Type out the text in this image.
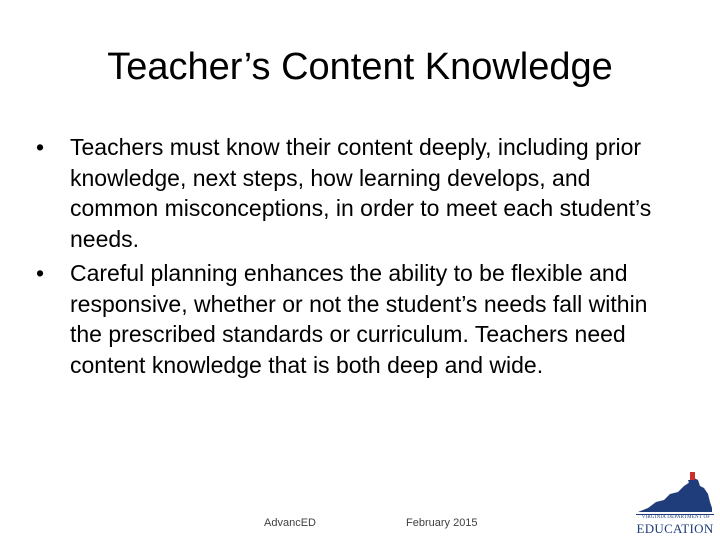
Teacher’s Content Knowledge
•	Teachers must know their content deeply, including prior knowledge, next steps, how learning develops, and common misconceptions, in order to meet each student’s needs.
•	Careful planning enhances the ability to be flexible and responsive, whether or not the student’s needs fall within the prescribed standards or curriculum. Teachers need content knowledge that is both deep and wide.
AdvancED	February 2015	VIRGINIA DEPARTMENT OF
EDUCATION
